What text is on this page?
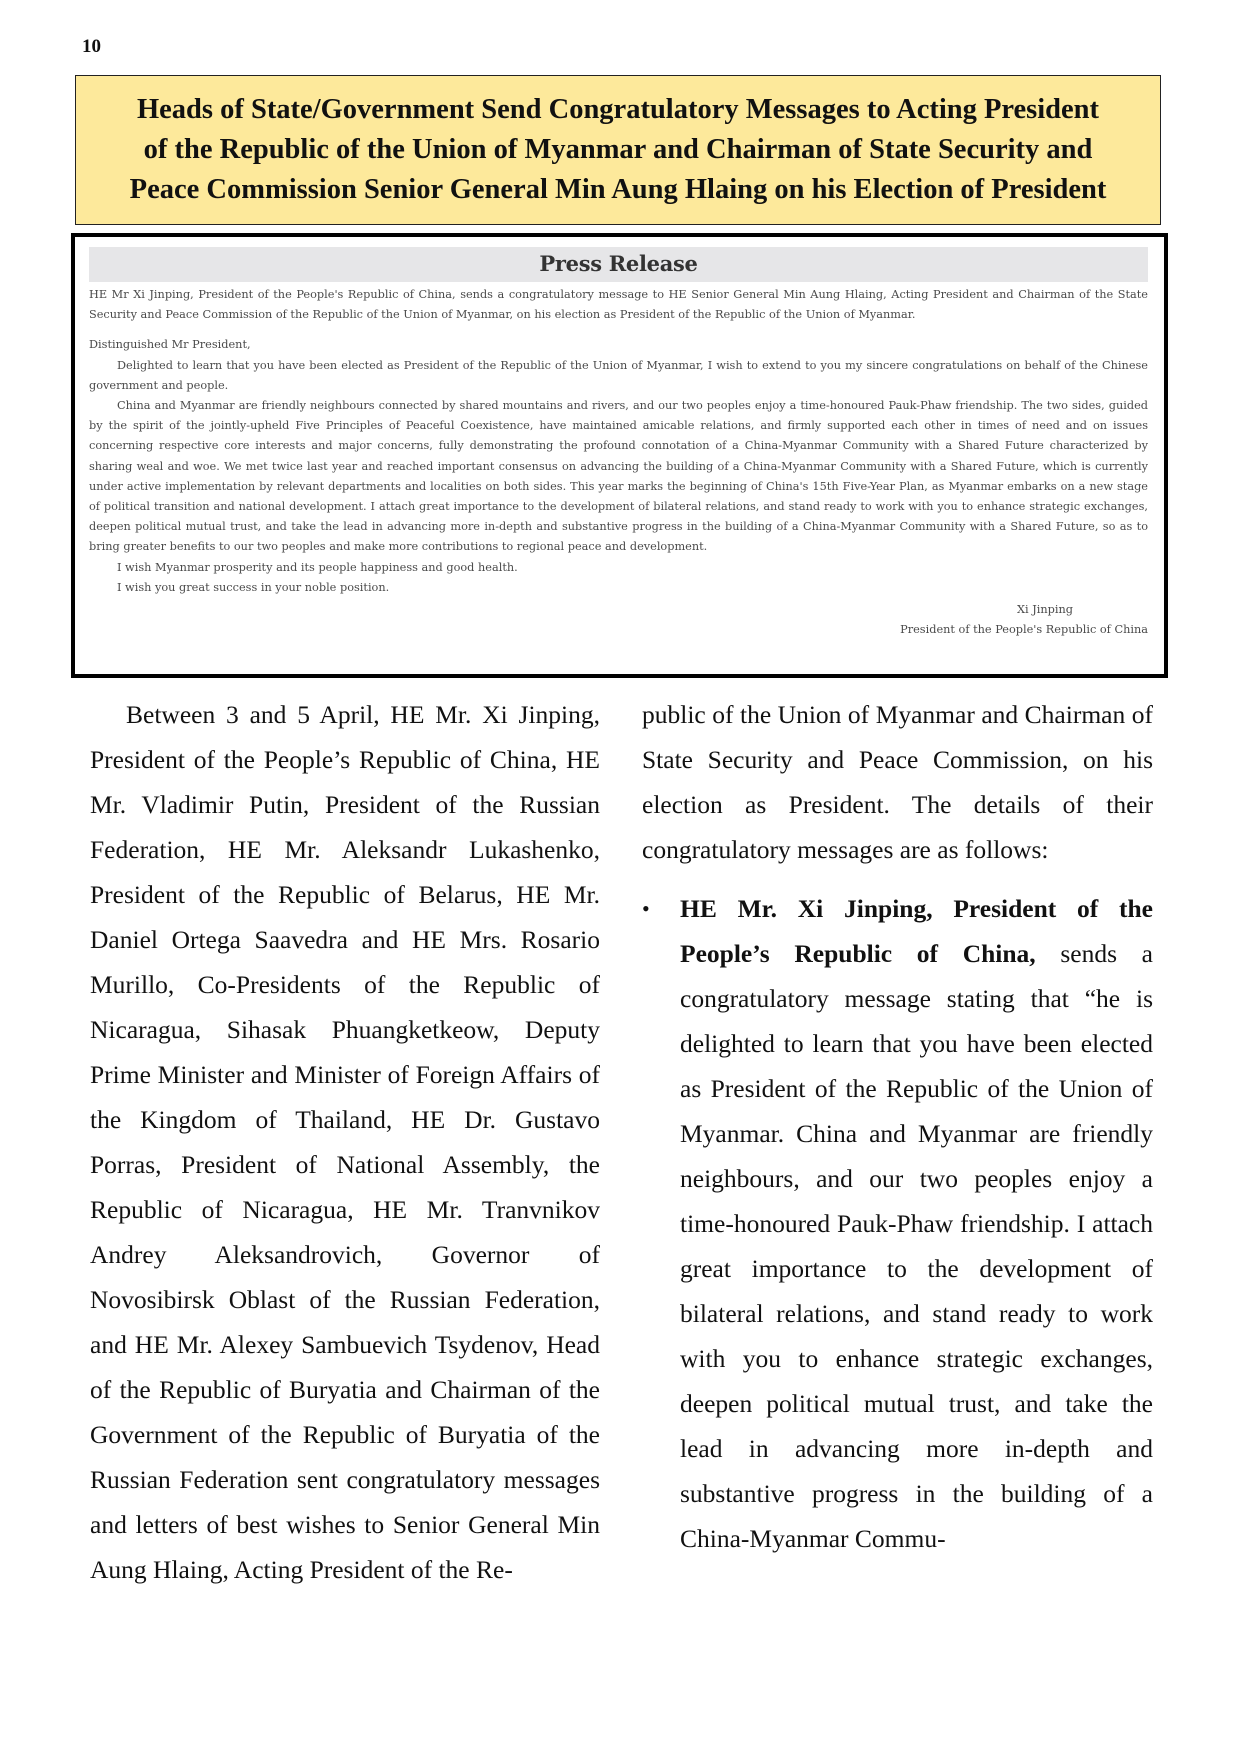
10
Heads of State/Government Send Congratulatory Messages to Acting President
of the Republic of the Union of Myanmar and Chairman of State Security and
Peace Commission Senior General Min Aung Hlaing on his Election of President
Press Release

HE Mr Xi Jinping, President of the People's Republic of China, sends a congratulatory message to HE Senior General Min Aung Hlaing, Acting President and Chairman of the State Security and Peace Commission of the Republic of the Union of Myanmar, on his election as President of the Republic of the Union of Myanmar.

Distinguished Mr President,

Delighted to learn that you have been elected as President of the Republic of the Union of Myanmar, I wish to extend to you my sincere congratulations on behalf of the Chinese government and people.

China and Myanmar are friendly neighbours connected by shared mountains and rivers, and our two peoples enjoy a time-honoured Pauk-Phaw friendship. The two sides, guided by the spirit of the jointly-upheld Five Principles of Peaceful Coexistence, have maintained amicable relations, and firmly supported each other in times of need and on issues concerning respective core interests and major concerns, fully demonstrating the profound connotation of a China-Myanmar Community with a Shared Future characterized by sharing weal and woe. We met twice last year and reached important consensus on advancing the building of a China-Myanmar Community with a Shared Future, which is currently under active implementation by relevant departments and localities on both sides. This year marks the beginning of China's 15th Five-Year Plan, as Myanmar embarks on a new stage of political transition and national development. I attach great importance to the development of bilateral relations, and stand ready to work with you to enhance strategic exchanges, deepen political mutual trust, and take the lead in advancing more in-depth and substantive progress in the building of a China-Myanmar Community with a Shared Future, so as to bring greater benefits to our two peoples and make more contributions to regional peace and development.

I wish Myanmar prosperity and its people happiness and good health.

I wish you great success in your noble position.

Xi Jinping
President of the People's Republic of China

Between 3 and 5 April, HE Mr. Xi Jinping, President of the People’s Republic of China, HE Mr. Vladimir Putin, President of the Russian Federation, HE Mr. Aleksandr Lukashenko, President of the Republic of Belarus, HE Mr. Daniel Ortega Saavedra and HE Mrs. Rosario Murillo, Co-Presidents of the Republic of Nicaragua, Sihasak Phuangketkeow, Deputy Prime Minister and Minister of Foreign Affairs of the Kingdom of Thailand, HE Dr. Gustavo Porras, President of National Assembly, the Republic of Nicaragua, HE Mr. Tranvnikov Andrey Aleksandrovich, Governor of Novosibirsk Oblast of the Russian Federation, and HE Mr. Alexey Sambuevich Tsydenov, Head of the Republic of Buryatia and Chairman of the Government of the Republic of Buryatia of the Russian Federation sent congratulatory messages and letters of best wishes to Senior General Min Aung Hlaing, Acting President of the Re-

public of the Union of Myanmar and Chairman of State Security and Peace Commission, on his election as President. The details of their congratulatory messages are as follows:

•	HE Mr. Xi Jinping, President of the People’s Republic of China, sends a congratulatory message stating that “he is delighted to learn that you have been elected as President of the Republic of the Union of Myanmar. China and Myanmar are friendly neighbours, and our two peoples enjoy a time-honoured Pauk-Phaw friendship. I attach great importance to the development of bilateral relations, and stand ready to work with you to enhance strategic exchanges, deepen political mutual trust, and take the lead in advancing more in-depth and substantive progress in the building of a China-Myanmar Commu-
